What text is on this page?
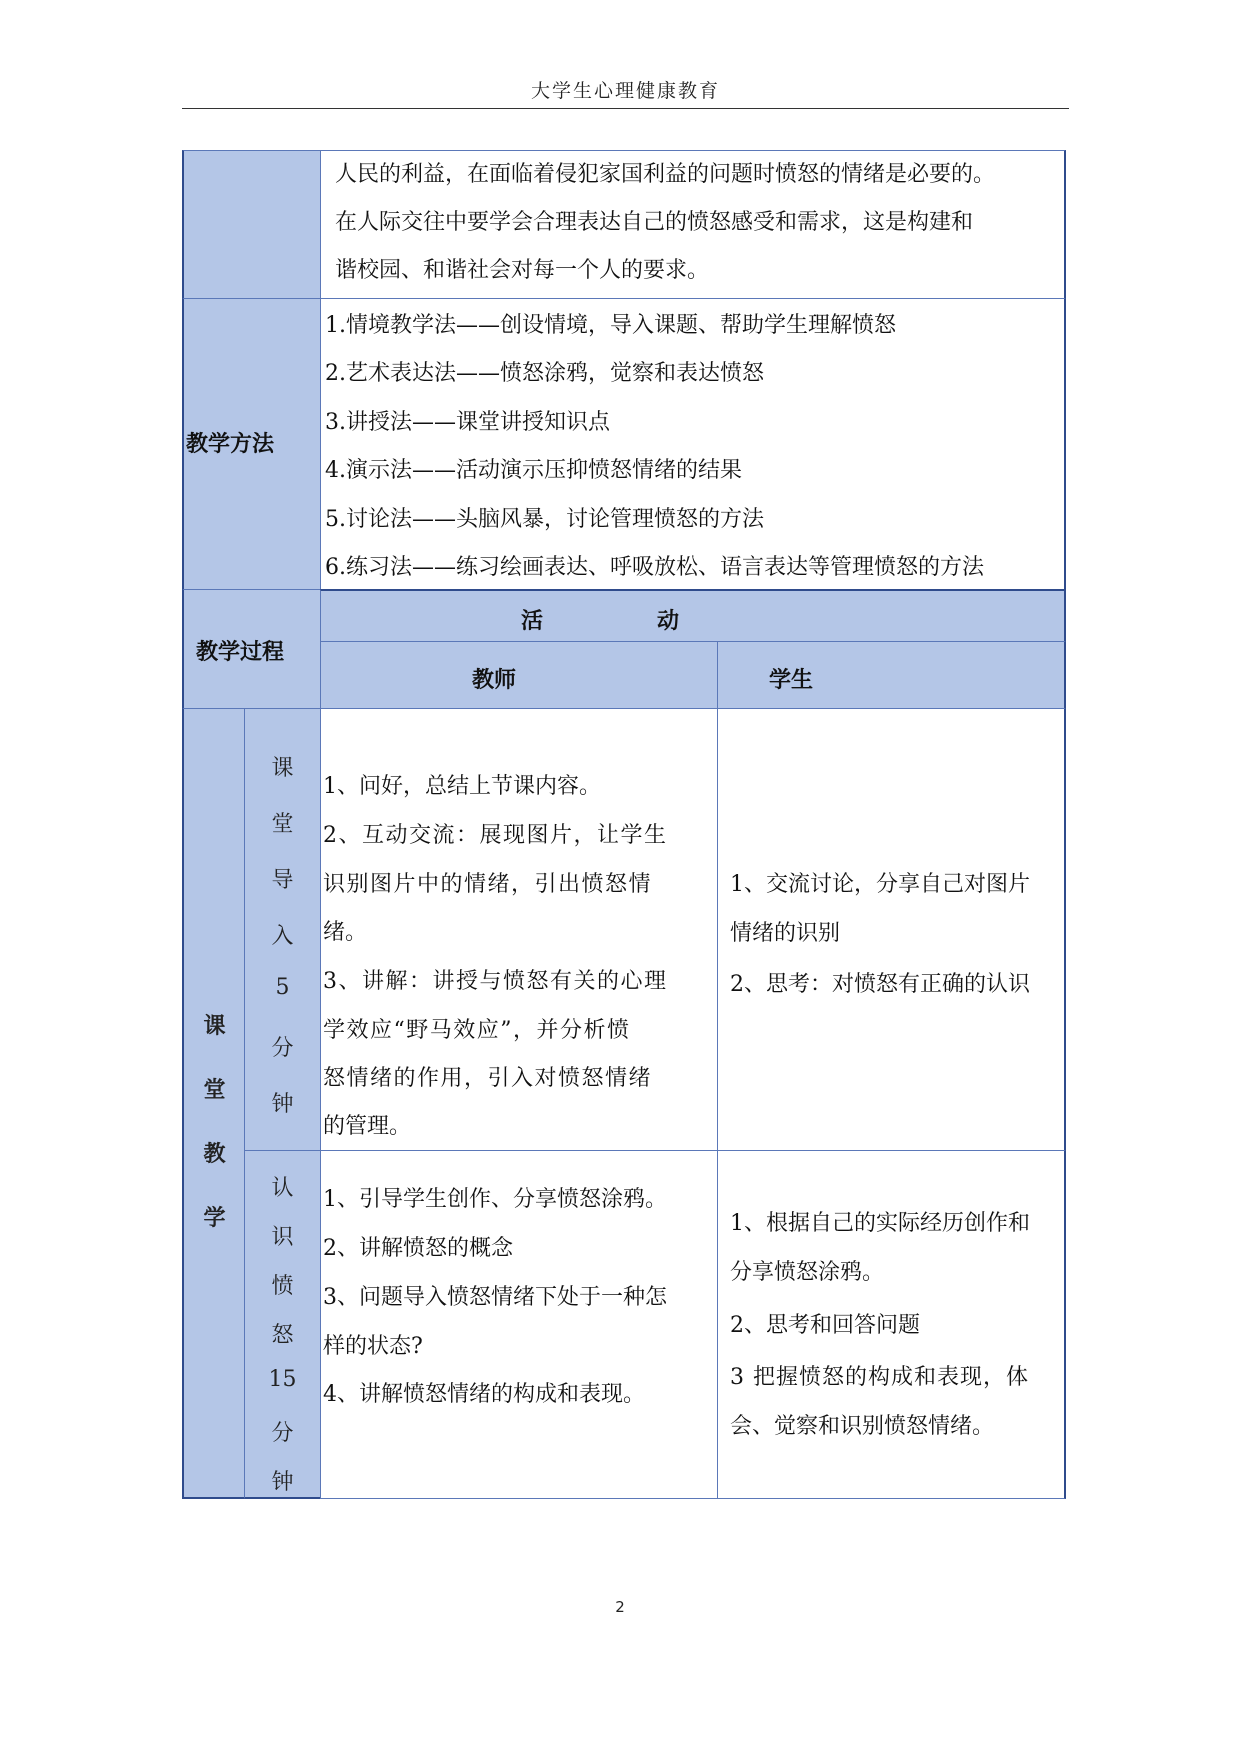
大学生心理健康教育
人民的利益，在面临着侵犯家国利益的问题时愤怒的情绪是必要的。
在人际交往中要学会合理表达自己的愤怒感受和需求，这是构建和
谐校园、和谐社会对每一个人的要求。
教学方法
1.情境教学法——创设情境，导入课题、帮助学生理解愤怒
2.艺术表达法——愤怒涂鸦，觉察和表达愤怒
3.讲授法——课堂讲授知识点
4.演示法——活动演示压抑愤怒情绪的结果
5.讨论法——头脑风暴，讨论管理愤怒的方法
6.练习法——练习绘画表达、呼吸放松、语言表达等管理愤怒的方法
教学过程
活	动
教师	学生
课
堂
教
学
课
堂
导
入
5
分
钟
1、问好，总结上节课内容。
2、互动交流：展现图片，让学生
识别图片中的情绪，引出愤怒情
绪。
3、讲解：讲授与愤怒有关的心理
学效应“野马效应”，并分析愤
怒情绪的作用，引入对愤怒情绪
的管理。
1、交流讨论，分享自己对图片
情绪的识别
2、思考：对愤怒有正确的认识
认
识
愤
怒
15
分
钟
1、引导学生创作、分享愤怒涂鸦。
2、讲解愤怒的概念
3、问题导入愤怒情绪下处于一种怎
样的状态?
4、讲解愤怒情绪的构成和表现。
1、根据自己的实际经历创作和
分享愤怒涂鸦。
2、思考和回答问题
3 把握愤怒的构成和表现，体
会、觉察和识别愤怒情绪。
2
